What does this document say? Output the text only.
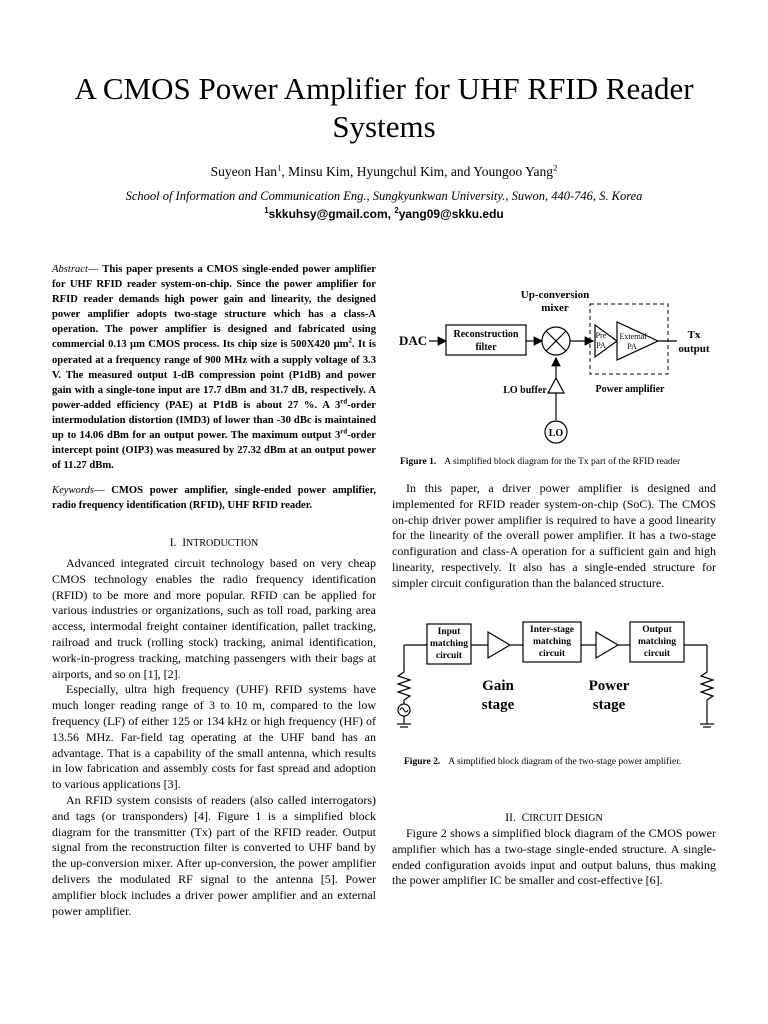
A CMOS Power Amplifier for UHF RFID Reader Systems
Suyeon Han$^1$, Minsu Kim, Hyungchul Kim, and Youngoo Yang$^2$
School of Information and Communication Eng., Sungkyunkwan University., Suwon, 440-746, S. Korea
$^1$skkuhsy@gmail.com, $^2$yang09@skku.edu
Abstract— This paper presents a CMOS single-ended power amplifier for UHF RFID reader system-on-chip. Since the power amplifier for RFID reader demands high power gain and linearity, the designed power amplifier adopts two-stage structure which has a class-A operation. The power amplifier is designed and fabricated using commercial 0.13 µm CMOS process. Its chip size is 500X420 µm$^2$. It is operated at a frequency range of 900 MHz with a supply voltage of 3.3 V. The measured output 1-dB compression point (P1dB) and power gain with a single-tone input are 17.7 dBm and 31.7 dB, respectively. A power-added efficiency (PAE) at P1dB is about 27 %. A 3rd-order intermodulation distortion (IMD3) of lower than -30 dBc is maintained up to 14.06 dBm for an output power. The maximum output 3rd-order intercept point (OIP3) was measured by 27.32 dBm at an output power of 11.27 dBm.
Keywords— CMOS power amplifier, single-ended power amplifier, radio frequency identification (RFID), UHF RFID reader.
I. INTRODUCTION

Advanced integrated circuit technology based on very cheap CMOS technology enables the radio frequency identification (RFID) to be more and more popular. RFID can be applied for various industries or organizations, such as toll road, parking area access, intermodal freight container identification, pallet tracking, railroad and truck (rolling stock) tracking, animal identification, work-in-progress tracking, matching passengers with their bags at airports, and so on [1], [2].

Especially, ultra high frequency (UHF) RFID systems have much longer reading range of 3 to 10 m, compared to the low frequency (LF) of either 125 or 134 kHz or high frequency (HF) of 13.56 MHz. Far-field tag operating at the UHF band has an advantage. That is a capability of the small antenna, which results in low fabrication and assembly costs for fast spread and adoption to various applications [3].

An RFID system consists of readers (also called interrogators) and tags (or transponders) [4]. Figure 1 is a simplified block diagram for the transmitter (Tx) part of the RFID reader. Output signal from the reconstruction filter is converted to UHF band by the up-conversion mixer. After up-conversion, the power amplifier delivers the modulated RF signal to the antenna [5]. Power amplifier block includes a driver power amplifier and an external power amplifier.

Up-conversion
mixer
DAC	Reconstruction
filter
Pre
PA
External
PA
Tx
output
LO buffer
LO
Power amplifier
Figure 1. A simplified block diagram for the Tx part of the RFID reader

In this paper, a driver power amplifier is designed and implemented for RFID reader system-on-chip (SoC). The CMOS on-chip driver power amplifier is required to have a good linearity for the linearity of the overall power amplifier. It has a two-stage configuration and class-A operation for a sufficient gain and high linearity, respectively. It also has a single-ended structure for simpler circuit configuration than the balanced structure.

Input
matching
circuit
Inter-stage
matching
circuit
Output
matching
circuit
Gain
stage
Power
stage
Figure 2. A simplified block diagram of the two-stage power amplifier.
II. CIRCUIT DESIGN

Figure 2 shows a simplified block diagram of the CMOS power amplifier which has a two-stage single-ended structure. A single-ended configuration avoids input and output baluns, thus making the power amplifier IC be smaller and cost-effective [6].
